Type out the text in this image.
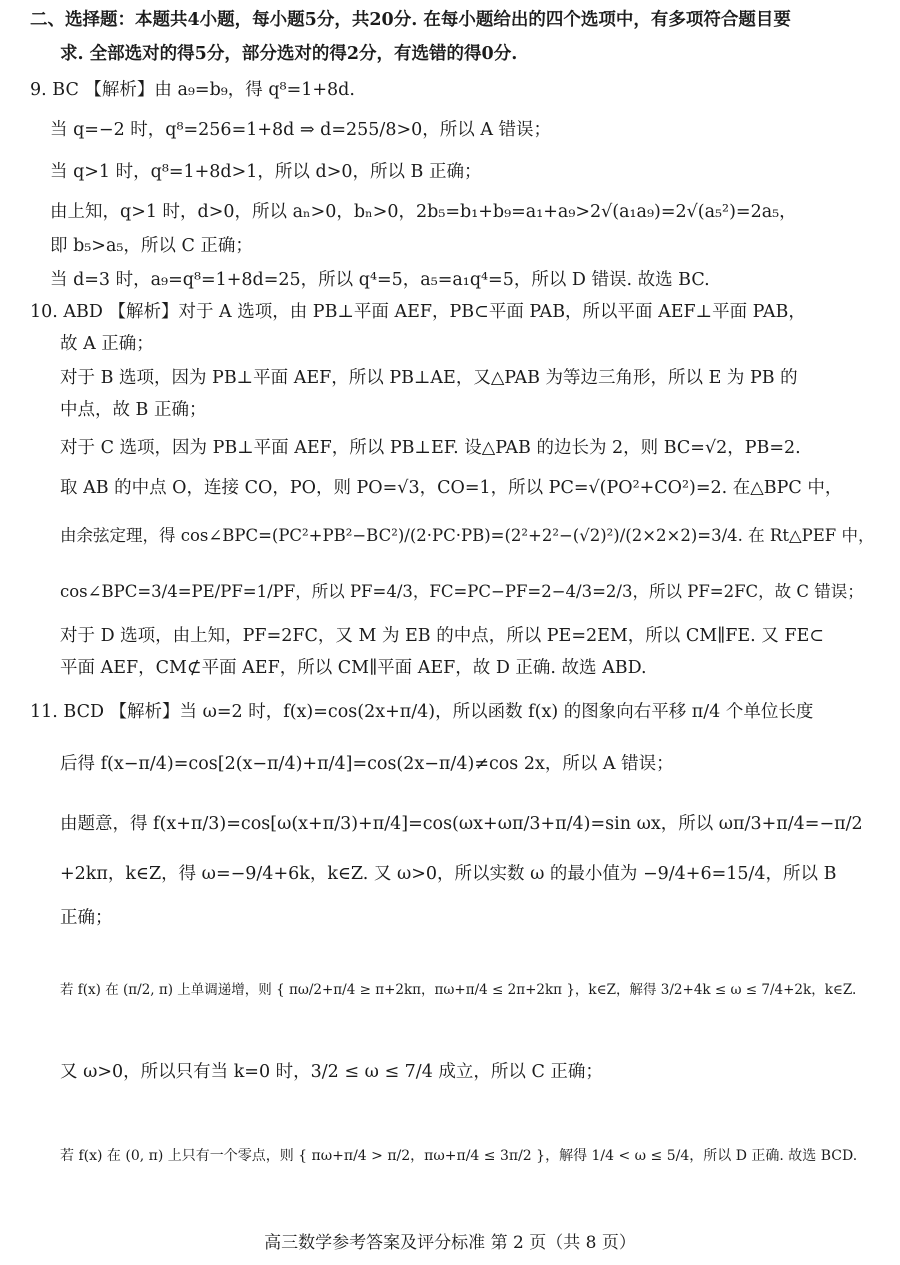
二、选择题：本题共4小题，每小题5分，共20分. 在每小题给出的四个选项中，有多项符合题目要
求. 全部选对的得5分，部分选对的得2分，有选错的得0分.
9. BC 【解析】由 a₉=b₉，得 q⁸=1+8d.
当 q=−2 时，q⁸=256=1+8d ⇒ d=255/8>0，所以 A 错误；
当 q>1 时，q⁸=1+8d>1，所以 d>0，所以 B 正确；
由上知，q>1 时，d>0，所以 aₙ>0，bₙ>0，2b₅=b₁+b₉=a₁+a₉>2√(a₁a₉)=2√(a₅²)=2a₅，
即 b₅>a₅，所以 C 正确；
当 d=3 时，a₉=q⁸=1+8d=25，所以 q⁴=5，a₅=a₁q⁴=5，所以 D 错误. 故选 BC.
10. ABD 【解析】对于 A 选项，由 PB⊥平面 AEF，PB⊂平面 PAB，所以平面 AEF⊥平面 PAB，
故 A 正确；
对于 B 选项，因为 PB⊥平面 AEF，所以 PB⊥AE，又△PAB 为等边三角形，所以 E 为 PB 的
中点，故 B 正确；
对于 C 选项，因为 PB⊥平面 AEF，所以 PB⊥EF. 设△PAB 的边长为 2，则 BC=√2，PB=2.
取 AB 的中点 O，连接 CO，PO，则 PO=√3，CO=1，所以 PC=√(PO²+CO²)=2. 在△BPC 中，
由余弦定理，得 cos∠BPC=(PC²+PB²−BC²)/(2·PC·PB)=(2²+2²−(√2)²)/(2×2×2)=3/4. 在 Rt△PEF 中，
cos∠BPC=3/4=PE/PF=1/PF，所以 PF=4/3，FC=PC−PF=2−4/3=2/3，所以 PF=2FC，故 C 错误；
对于 D 选项，由上知，PF=2FC，又 M 为 EB 的中点，所以 PE=2EM，所以 CM∥FE. 又 FE⊂
平面 AEF，CM⊄平面 AEF，所以 CM∥平面 AEF，故 D 正确. 故选 ABD.
11. BCD 【解析】当 ω=2 时，f(x)=cos(2x+π/4)，所以函数 f(x) 的图象向右平移 π/4 个单位长度
后得 f(x−π/4)=cos[2(x−π/4)+π/4]=cos(2x−π/4)≠cos 2x，所以 A 错误；
由题意，得 f(x+π/3)=cos[ω(x+π/3)+π/4]=cos(ωx+ωπ/3+π/4)=sin ωx，所以 ωπ/3+π/4=−π/2
+2kπ，k∈Z，得 ω=−9/4+6k，k∈Z. 又 ω>0，所以实数 ω 的最小值为 −9/4+6=15/4，所以 B
正确；
若 f(x) 在 (π/2, π) 上单调递增，则 { πω/2+π/4 ≥ π+2kπ，πω+π/4 ≤ 2π+2kπ }，k∈Z，解得 3/2+4k ≤ ω ≤ 7/4+2k，k∈Z.
又 ω>0，所以只有当 k=0 时，3/2 ≤ ω ≤ 7/4 成立，所以 C 正确；
若 f(x) 在 (0, π) 上只有一个零点，则 { πω+π/4 > π/2，πω+π/4 ≤ 3π/2 }，解得 1/4 < ω ≤ 5/4，所以 D 正确. 故选 BCD.
高三数学参考答案及评分标准 第 2 页（共 8 页）
